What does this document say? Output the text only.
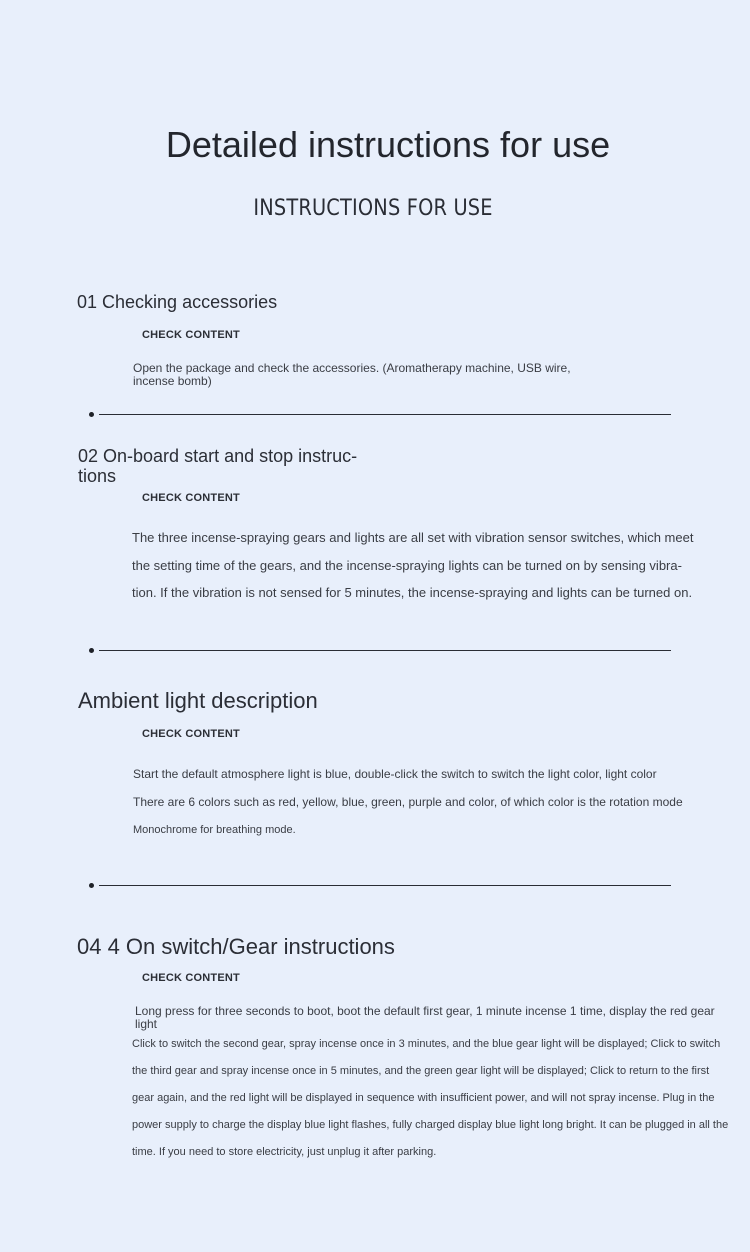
Detailed instructions for use
INSTRUCTIONS FOR USE
01 Checking accessories
CHECK CONTENT
Open the package and check the accessories. (Aromatherapy machine, USB wire,
incense bomb)
02 On-board start and stop instruc-
tions
CHECK CONTENT
The three incense-spraying gears and lights are all set with vibration sensor switches, which meet
the setting time of the gears, and the incense-spraying lights can be turned on by sensing vibra-
tion. If the vibration is not sensed for 5 minutes, the incense-spraying and lights can be turned on.
Ambient light description
CHECK CONTENT
Start the default atmosphere light is blue, double-click the switch to switch the light color, light color
There are 6 colors such as red, yellow, blue, green, purple and color, of which color is the rotation mode
Monochrome for breathing mode.
04 4 On switch/Gear instructions
CHECK CONTENT
Long press for three seconds to boot, boot the default first gear, 1 minute incense 1 time, display the red gear
light
Click to switch the second gear, spray incense once in 3 minutes, and the blue gear light will be displayed; Click to switch
the third gear and spray incense once in 5 minutes, and the green gear light will be displayed; Click to return to the first
gear again, and the red light will be displayed in sequence with insufficient power, and will not spray incense. Plug in the
power supply to charge the display blue light flashes, fully charged display blue light long bright. It can be plugged in all the
time. If you need to store electricity, just unplug it after parking.
